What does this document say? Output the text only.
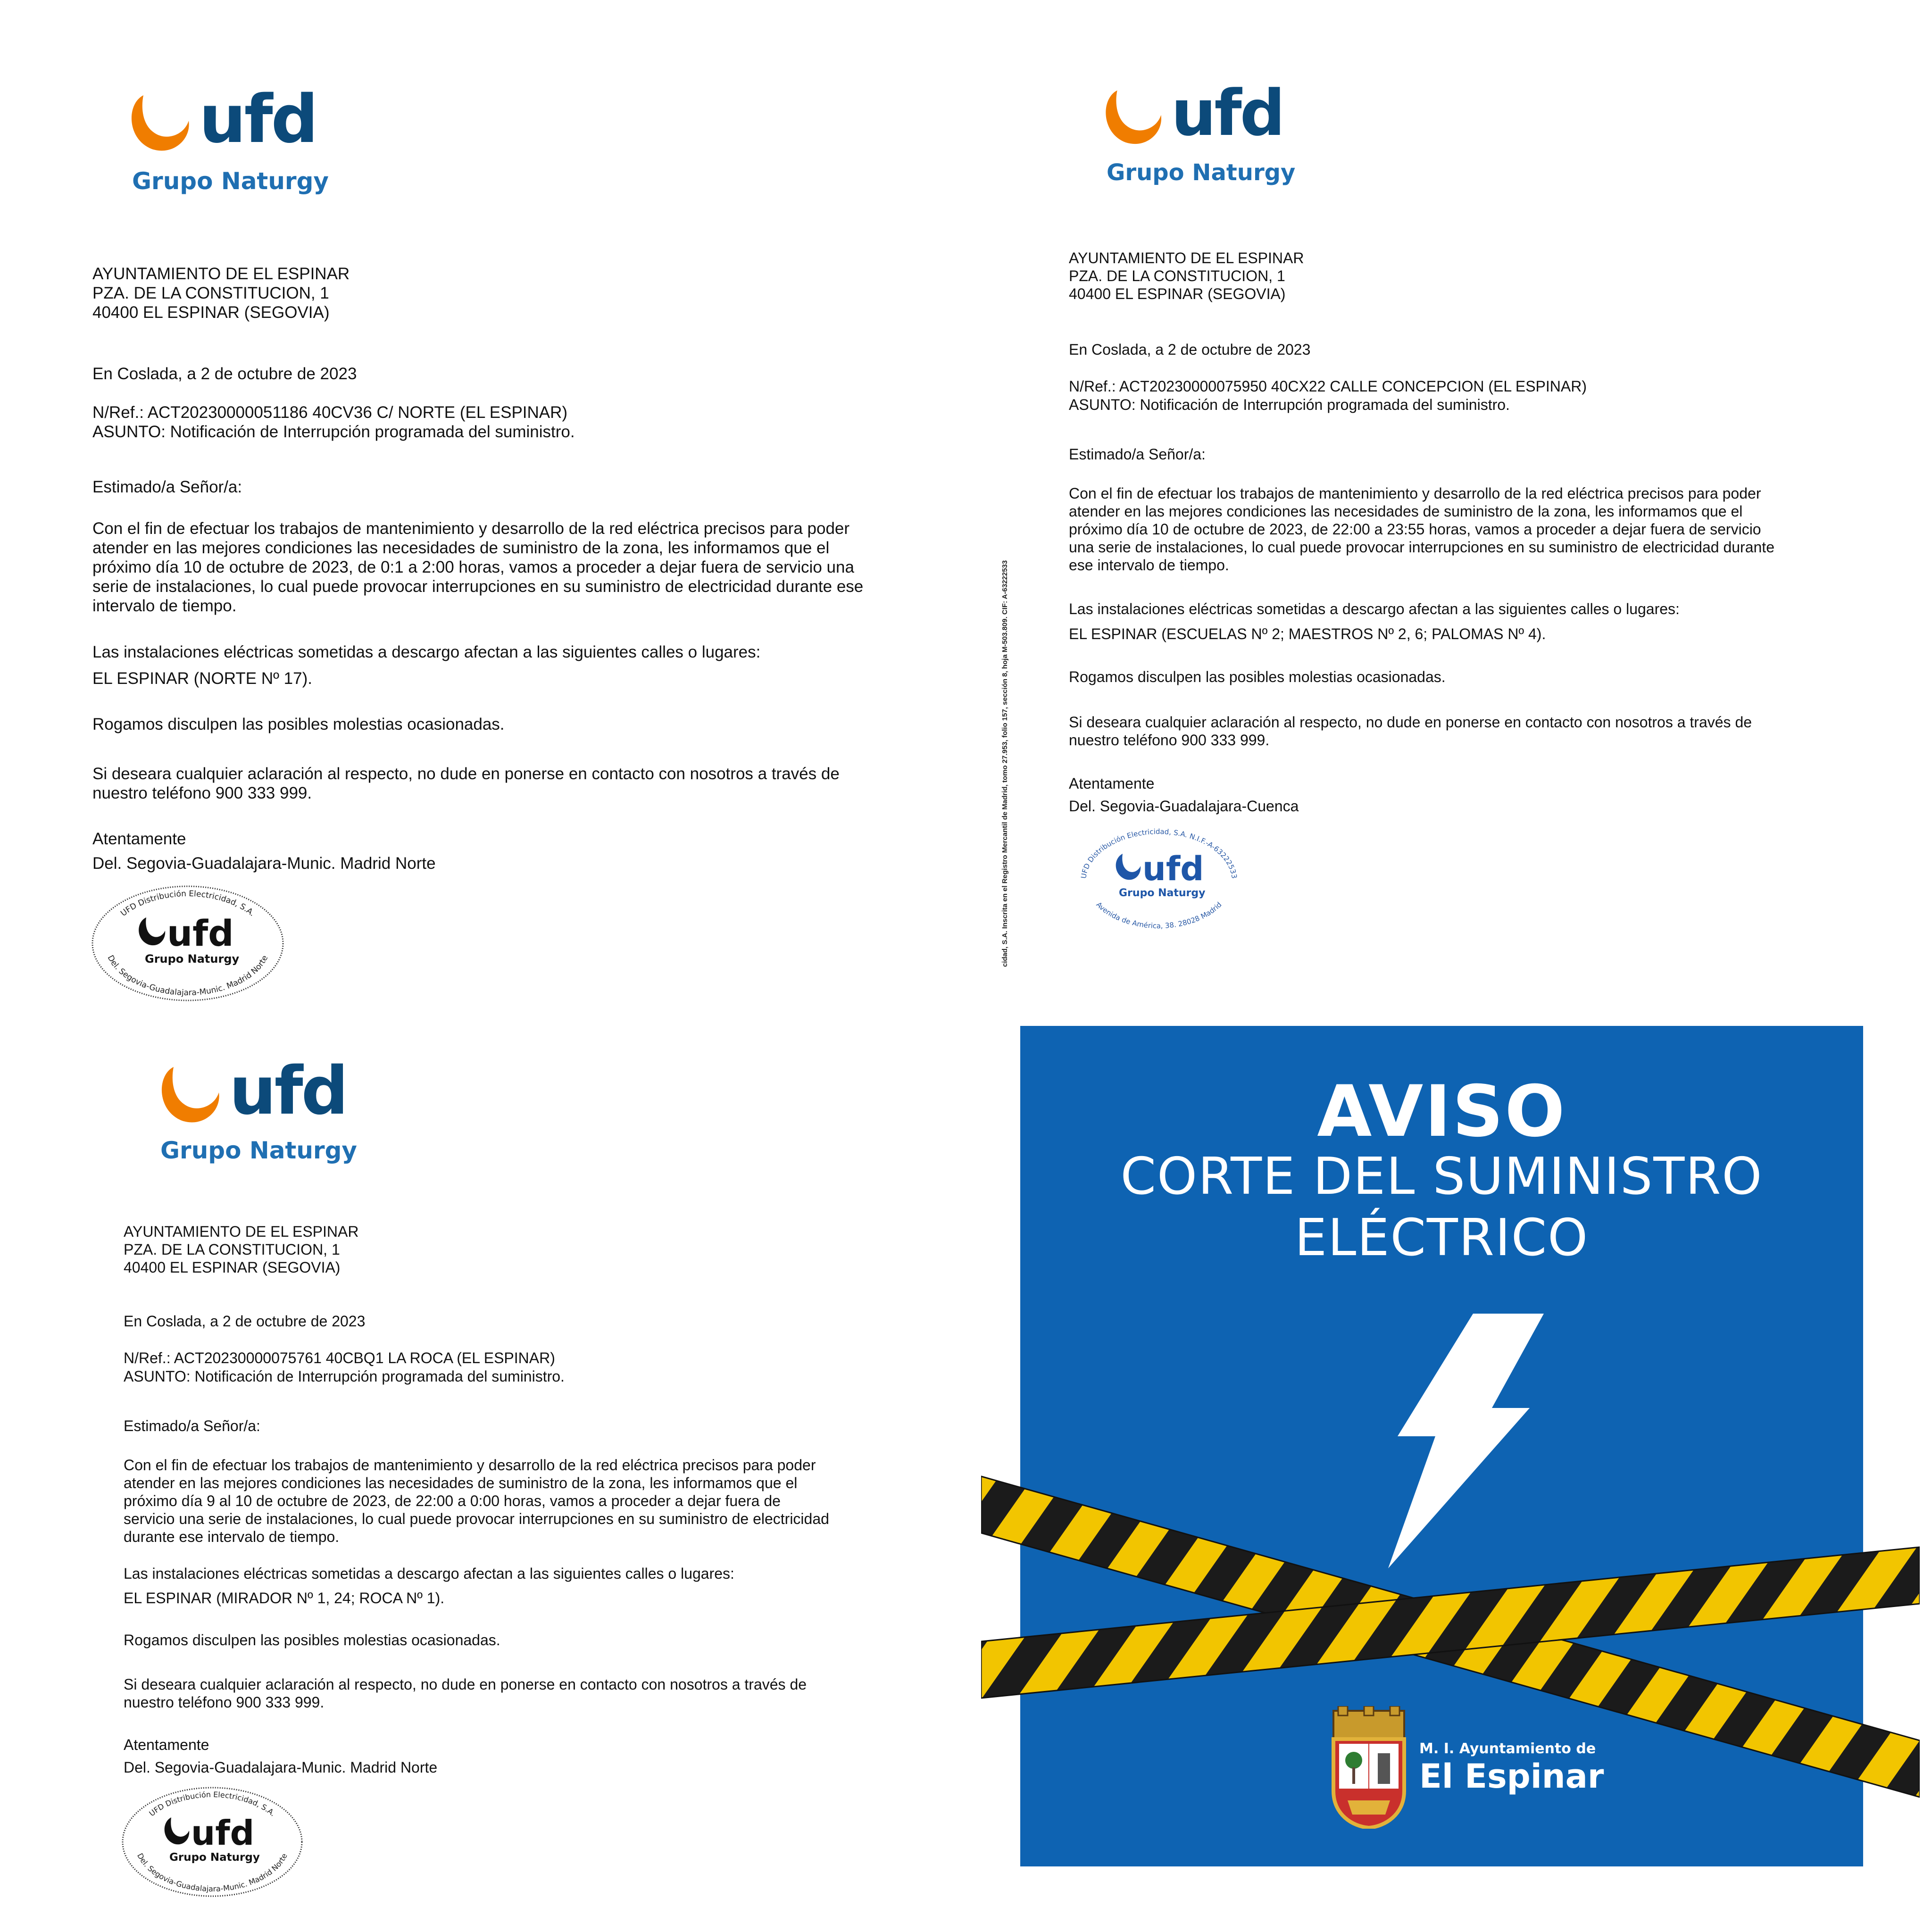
ufd
Grupo Naturgy

AYUNTAMIENTO DE EL ESPINAR

PZA. DE LA CONSTITUCION, 1

40400 EL ESPINAR (SEGOVIA)

En Coslada, a 2 de octubre de 2023

N/Ref.: ACT20230000051186 40CV36 C/ NORTE (EL ESPINAR)

ASUNTO: Notificación de Interrupción programada del suministro.

Estimado/a Señor/a:

Con el fin de efectuar los trabajos de mantenimiento y desarrollo de la red eléctrica precisos para poder

atender en las mejores condiciones las necesidades de suministro de la zona, les informamos que el

próximo día 10 de octubre de 2023, de 0:1 a 2:00 horas, vamos a proceder a dejar fuera de servicio una

serie de instalaciones, lo cual puede provocar interrupciones en su suministro de electricidad durante ese

intervalo de tiempo.

Las instalaciones eléctricas sometidas a descargo afectan a las siguientes calles o lugares:

EL ESPINAR (NORTE Nº 17).

Rogamos disculpen las posibles molestias ocasionadas.

Si deseara cualquier aclaración al respecto, no dude en ponerse en contacto con nosotros a través de

nuestro teléfono 900 333 999.

Atentamente

Del. Segovia-Guadalajara-Munic. Madrid Norte

UFD Distribución Electricidad, S.A.
Del. Segovia-Guadalajara-Munic. Madrid Norte
ufd
Grupo Naturgy
ufd
Grupo Naturgy

AYUNTAMIENTO DE EL ESPINAR

PZA. DE LA CONSTITUCION, 1

40400 EL ESPINAR (SEGOVIA)

En Coslada, a 2 de octubre de 2023

N/Ref.: ACT20230000075950 40CX22 CALLE CONCEPCION (EL ESPINAR)

ASUNTO: Notificación de Interrupción programada del suministro.

Estimado/a Señor/a:

Con el fin de efectuar los trabajos de mantenimiento y desarrollo de la red eléctrica precisos para poder

atender en las mejores condiciones las necesidades de suministro de la zona, les informamos que el

próximo día 10 de octubre de 2023, de 22:00 a 23:55 horas, vamos a proceder a dejar fuera de servicio

una serie de instalaciones, lo cual puede provocar interrupciones en su suministro de electricidad durante

ese intervalo de tiempo.

Las instalaciones eléctricas sometidas a descargo afectan a las siguientes calles o lugares:

EL ESPINAR (ESCUELAS Nº 2; MAESTROS Nº 2, 6; PALOMAS Nº 4).

Rogamos disculpen las posibles molestias ocasionadas.

Si deseara cualquier aclaración al respecto, no dude en ponerse en contacto con nosotros a través de

nuestro teléfono 900 333 999.

Atentamente

Del. Segovia-Guadalajara-Cuenca

UFD Distribución Electricidad, S.A. N.I.F.-A-63222533
Avenida de América, 38. 28028 Madrid
ufd
Grupo Naturgy
cidad, S.A. Inscrita en el Registro Mercantil de Madrid, tomo 27.953, folio 157, sección 8, hoja M-503.809. CIF: A-63222533
ufd
Grupo Naturgy

AYUNTAMIENTO DE EL ESPINAR

PZA. DE LA CONSTITUCION, 1

40400 EL ESPINAR (SEGOVIA)

En Coslada, a 2 de octubre de 2023

N/Ref.: ACT20230000075761 40CBQ1 LA ROCA (EL ESPINAR)

ASUNTO: Notificación de Interrupción programada del suministro.

Estimado/a Señor/a:

Con el fin de efectuar los trabajos de mantenimiento y desarrollo de la red eléctrica precisos para poder

atender en las mejores condiciones las necesidades de suministro de la zona, les informamos que el

próximo día 9 al 10 de octubre de 2023, de 22:00 a 0:00 horas, vamos a proceder a dejar fuera de

servicio una serie de instalaciones, lo cual puede provocar interrupciones en su suministro de electricidad

durante ese intervalo de tiempo.

Las instalaciones eléctricas sometidas a descargo afectan a las siguientes calles o lugares:

EL ESPINAR (MIRADOR Nº 1, 24; ROCA Nº 1).

Rogamos disculpen las posibles molestias ocasionadas.

Si deseara cualquier aclaración al respecto, no dude en ponerse en contacto con nosotros a través de

nuestro teléfono 900 333 999.

Atentamente

Del. Segovia-Guadalajara-Munic. Madrid Norte

UFD Distribución Electricidad, S.A.
Del. Segovia-Guadalajara-Munic. Madrid Norte
ufd
Grupo Naturgy
AVISO
CORTE DEL SUMINISTRO
ELÉCTRICO
M. I. Ayuntamiento de
El Espinar
